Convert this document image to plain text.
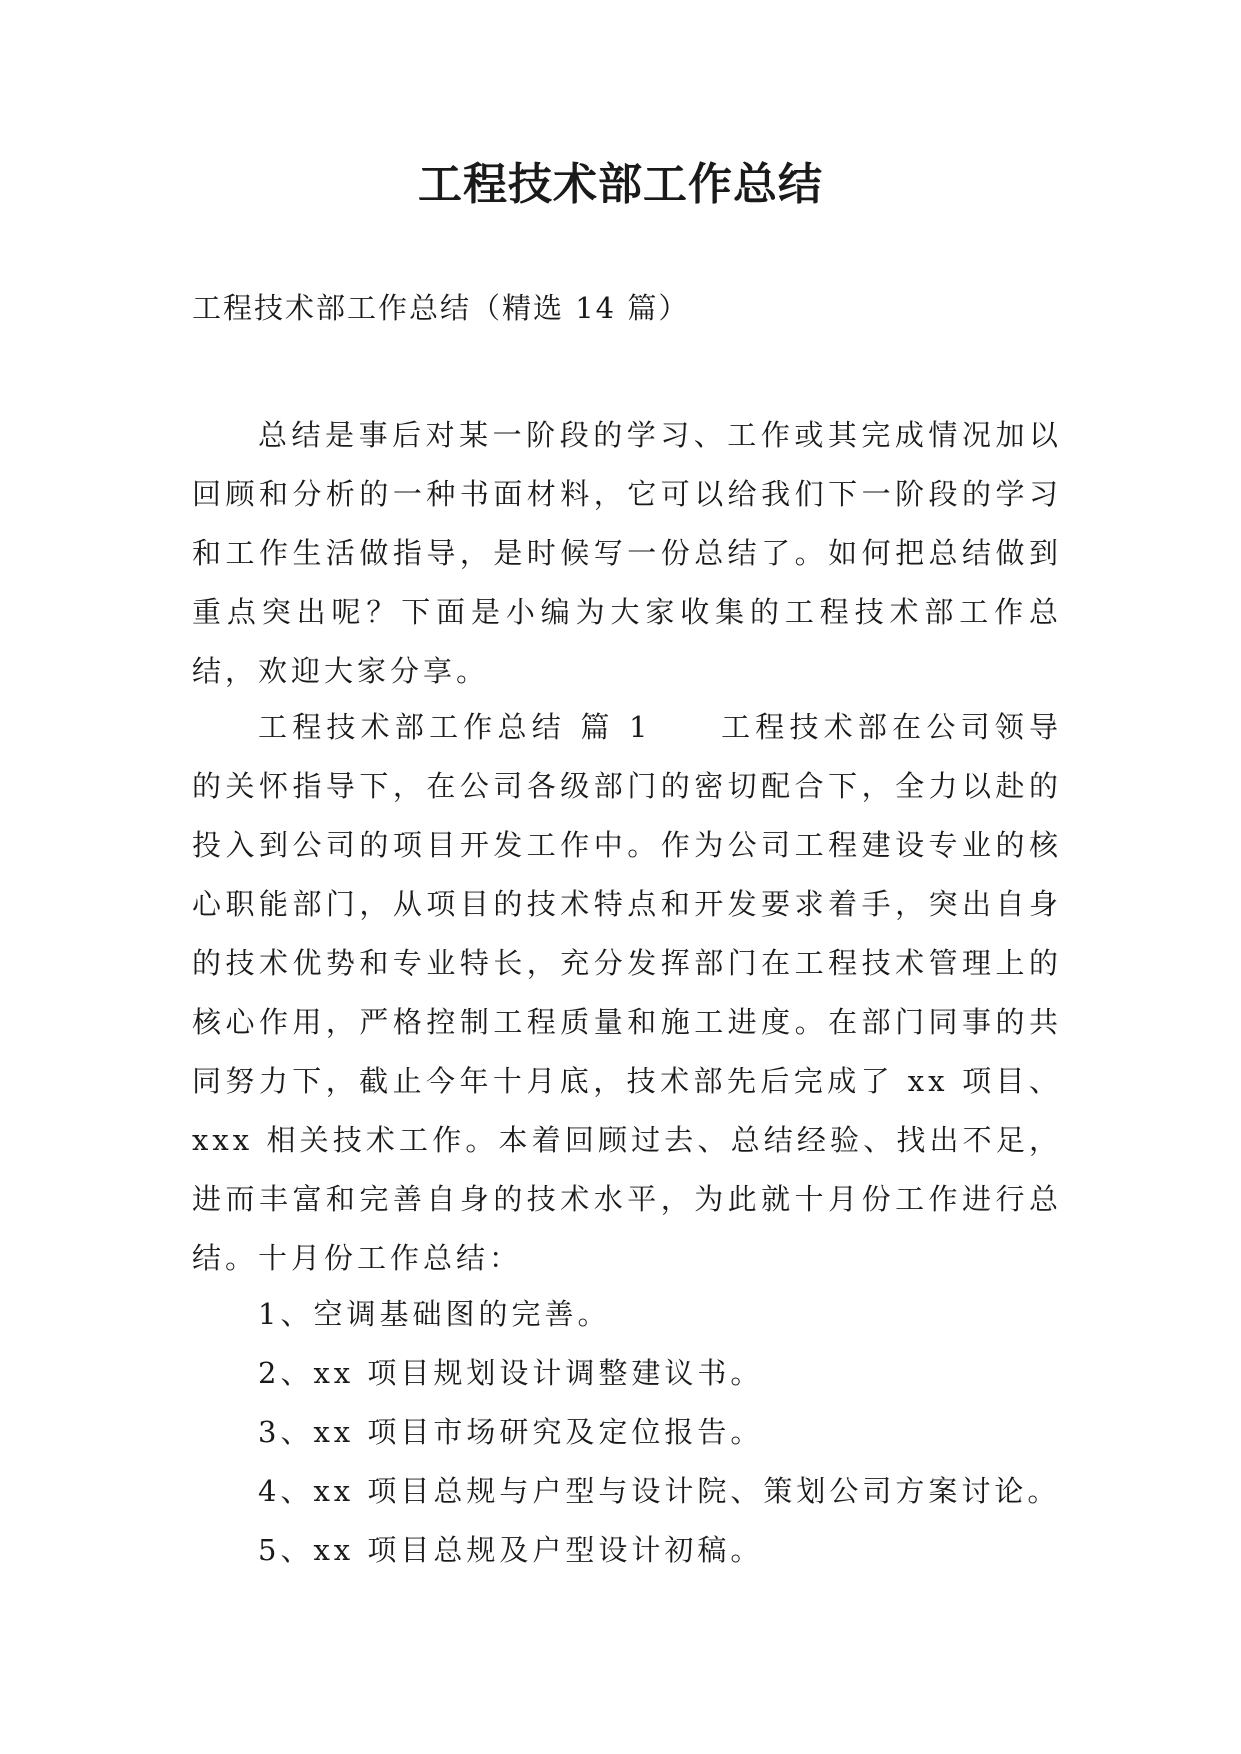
工程技术部工作总结
工程技术部工作总结（精选 14 篇）

总结是事后对某一阶段的学习、工作或其完成情况加以回顾和分析的一种书面材料，它可以给我们下一阶段的学习和工作生活做指导，是时候写一份总结了。如何把总结做到重点突出呢？下面是小编为大家收集的工程技术部工作总结，欢迎大家分享。

工程技术部工作总结 篇 1　　工程技术部在公司领导的关怀指导下，在公司各级部门的密切配合下，全力以赴的投入到公司的项目开发工作中。作为公司工程建设专业的核心职能部门，从项目的技术特点和开发要求着手，突出自身的技术优势和专业特长，充分发挥部门在工程技术管理上的核心作用，严格控制工程质量和施工进度。在部门同事的共同努力下，截止今年十月底，技术部先后完成了 xx 项目、xxx 相关技术工作。本着回顾过去、总结经验、找出不足，进而丰富和完善自身的技术水平，为此就十月份工作进行总结。十月份工作总结：

1、空调基础图的完善。
2、xx 项目规划设计调整建议书。
3、xx 项目市场研究及定位报告。
4、xx 项目总规与户型与设计院、策划公司方案讨论。
5、xx 项目总规及户型设计初稿。
